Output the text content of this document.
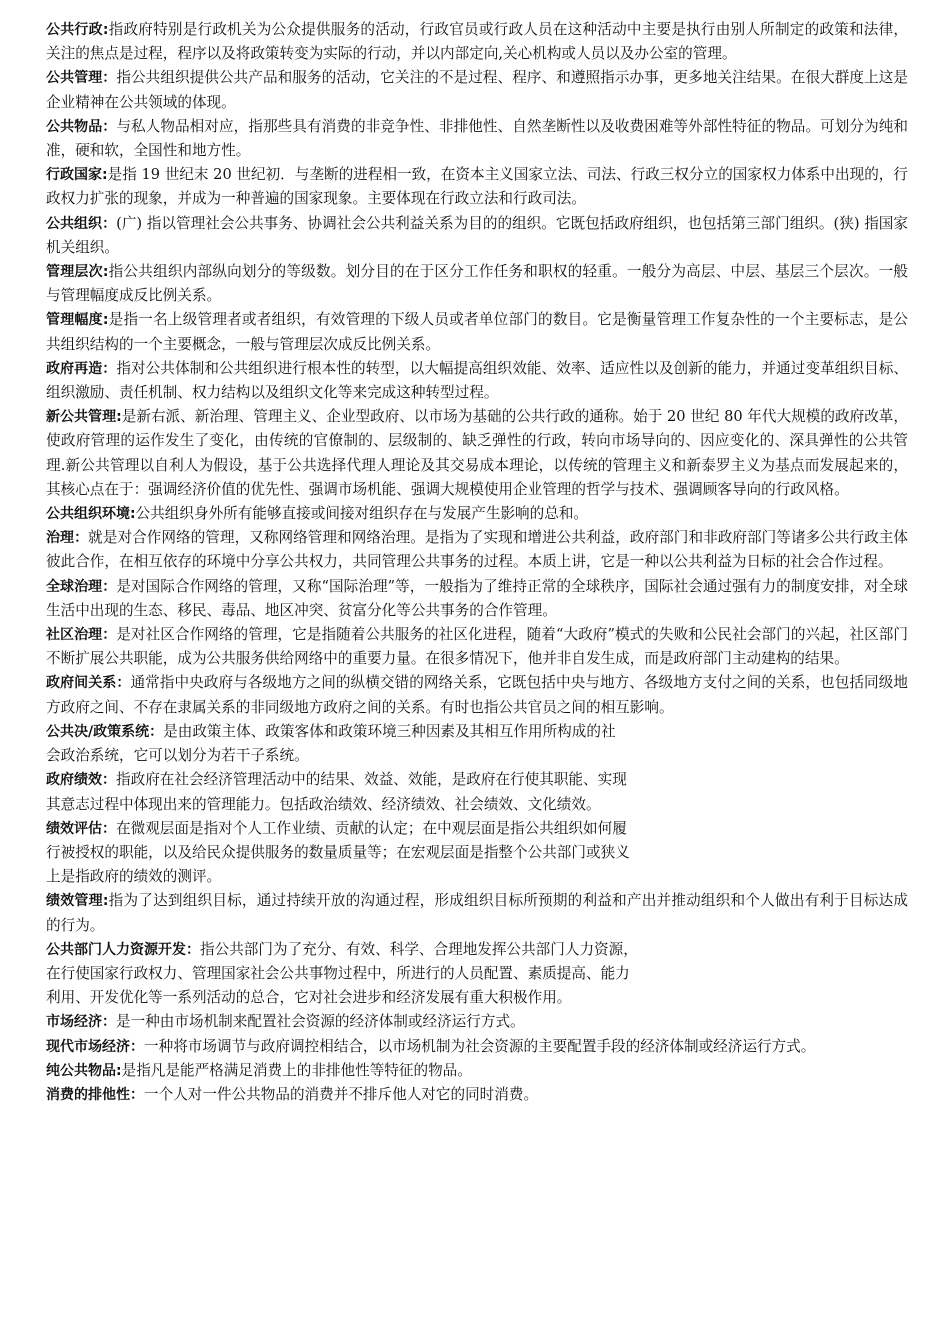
公共行政:指政府特别是行政机关为公众提供服务的活动，行政官员或行政人员在这种活动中主要是执行由别人所制定的政策和法律，关注的焦点是过程，程序以及将政策转变为实际的行动，并以内部定向,关心机构或人员以及办公室的管理。

公共管理：指公共组织提供公共产品和服务的活动，它关注的不是过程、程序、和遵照指示办事，更多地关注结果。在很大群度上这是企业精神在公共领域的体现。

公共物品：与私人物品相对应，指那些具有消费的非竞争性、非排他性、自然垄断性以及收费困难等外部性特征的物品。可划分为纯和准，硬和软，全国性和地方性。

行政国家:是指 19 世纪末 20 世纪初．与垄断的进程相一致，在资本主义国家立法、司法、行政三权分立的国家权力体系中出现的，行政权力扩张的现象，并成为一种普遍的国家现象。主要体现在行政立法和行政司法。

公共组织：(广) 指以管理社会公共事务、协调社会公共利益关系为目的的组织。它既包括政府组织，也包括第三部门组织。(狭) 指国家机关组织。

管理层次:指公共组织内部纵向划分的等级数。划分目的在于区分工作任务和职权的轻重。一般分为高层、中层、基层三个层次。一般与管理幅度成反比例关系。

管理幅度:是指一名上级管理者或者组织，有效管理的下级人员或者单位部门的数目。它是衡量管理工作复杂性的一个主要标志，是公共组织结构的一个主要概念，一般与管理层次成反比例关系。

政府再造：指对公共体制和公共组织进行根本性的转型，以大幅提高组织效能、效率、适应性以及创新的能力，并通过变革组织目标、组织激励、责任机制、权力结构以及组织文化等来完成这种转型过程。

新公共管理:是新右派、新治理、管理主义、企业型政府、以市场为基础的公共行政的通称。始于 20 世纪 80 年代大规模的政府改革，使政府管理的运作发生了变化，由传统的官僚制的、层级制的、缺乏弹性的行政，转向市场导向的、因应变化的、深具弹性的公共管理.新公共管理以自利人为假设，基于公共选择代理人理论及其交易成本理论，以传统的管理主义和新泰罗主义为基点而发展起来的，其核心点在于：强调经济价值的优先性、强调市场机能、强调大规模使用企业管理的哲学与技术、强调顾客导向的行政风格。

公共组织环境:公共组织身外所有能够直接或间接对组织存在与发展产生影响的总和。

治理：就是对合作网络的管理，又称网络管理和网络治理。是指为了实现和增进公共利益，政府部门和非政府部门等诸多公共行政主体彼此合作，在相互依存的环境中分享公共权力，共同管理公共事务的过程。本质上讲，它是一种以公共利益为日标的社会合作过程。

全球治理：是对国际合作网络的管理，又称“国际治理”等，一般指为了维持正常的全球秩序，国际社会通过强有力的制度安排，对全球生活中出现的生态、移民、毒品、地区冲突、贫富分化等公共事务的合作管理。

社区治理：是对社区合作网络的管理，它是指随着公共服务的社区化进程，随着“大政府”模式的失败和公民社会部门的兴起，社区部门不断扩展公共职能，成为公共服务供给网络中的重要力量。在很多情况下，他并非自发生成，而是政府部门主动建构的结果。

政府间关系：通常指中央政府与各级地方之间的纵横交错的网络关系，它既包括中央与地方、各级地方支付之间的关系，也包括同级地方政府之间、不存在隶属关系的非同级地方政府之间的关系。有时也指公共官员之间的相互影响。

公共决/政策系统：是由政策主体、政策客体和政策环境三种因素及其相互作用所构成的社
会政治系统，它可以划分为若干子系统。

政府绩效：指政府在社会经济管理活动中的结果、效益、效能，是政府在行使其职能、实现
其意志过程中体现出来的管理能力。包括政治绩效、经济绩效、社会绩效、文化绩效。

绩效评估：在微观层面是指对个人工作业绩、贡献的认定；在中观层面是指公共组织如何履
行被授权的职能，以及给民众提供服务的数量质量等；在宏观层面是指整个公共部门或狭义
上是指政府的绩效的测评。

绩效管理:指为了达到组织目标，通过持续开放的沟通过程，形成组织目标所预期的利益和产出并推动组织和个人做出有利于目标达成的行为。

公共部门人力资源开发：指公共部门为了充分、有效、科学、合理地发挥公共部门人力资源，
在行使国家行政权力、管理国家社会公共事物过程中，所进行的人员配置、素质提高、能力
利用、开发优化等一系列活动的总合，它对社会进步和经济发展有重大积极作用。

市场经济：是一种由市场机制来配置社会资源的经济体制或经济运行方式。

现代市场经济：一种将市场调节与政府调控相结合，以市场机制为社会资源的主要配置手段的经济体制或经济运行方式。

纯公共物品:是指凡是能严格满足消费上的非排他性等特征的物品。

消费的排他性：一个人对一件公共物品的消费并不排斥他人对它的同时消费。
